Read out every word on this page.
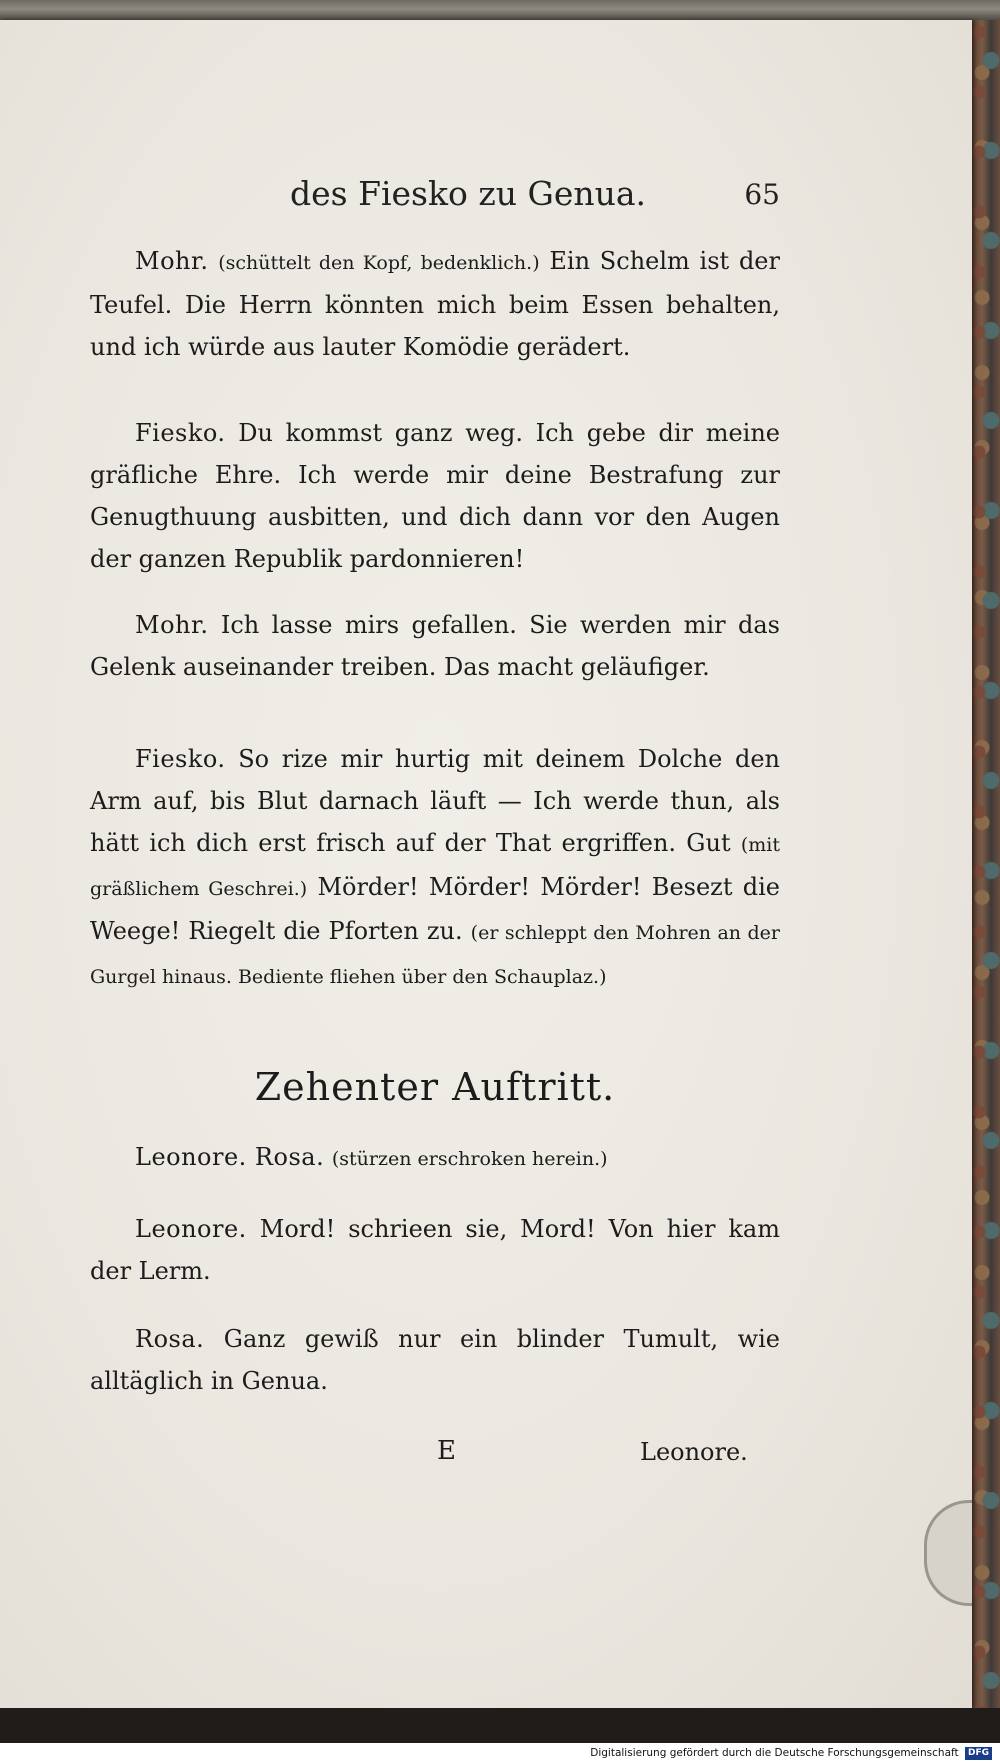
des Fiesko zu Genua.	65

Mohr. (schüttelt den Kopf, bedenklich.) Ein Schelm ist der Teufel. Die Herrn könnten mich beim Essen behalten, und ich würde aus lauter Komödie gerädert.

Fiesko. Du kommst ganz weg. Ich gebe dir meine gräfliche Ehre. Ich werde mir deine Bestrafung zur Genugthuung ausbitten, und dich dann vor den Augen der ganzen Republik pardonnieren!

Mohr. Ich lasse mirs gefallen. Sie werden mir das Gelenk auseinander treiben. Das macht geläufiger.

Fiesko. So rize mir hurtig mit deinem Dolche den Arm auf, bis Blut darnach läuft — Ich werde thun, als hätt ich dich erst frisch auf der That ergriffen. Gut (mit gräßlichem Geschrei.) Mörder! Mörder! Mörder! Besezt die Weege! Riegelt die Pforten zu. (er schleppt den Mohren an der Gurgel hinaus. Bediente fliehen über den Schauplaz.)

Zehenter Auftritt.

Leonore. Rosa. (stürzen erschroken herein.)

Leonore. Mord! schrieen sie, Mord! Von hier kam der Lerm.

Rosa. Ganz gewiß nur ein blinder Tumult, wie alltäglich in Genua.

E	Leonore.
Digitalisierung gefördert durch die Deutsche Forschungsgemeinschaft DFG
